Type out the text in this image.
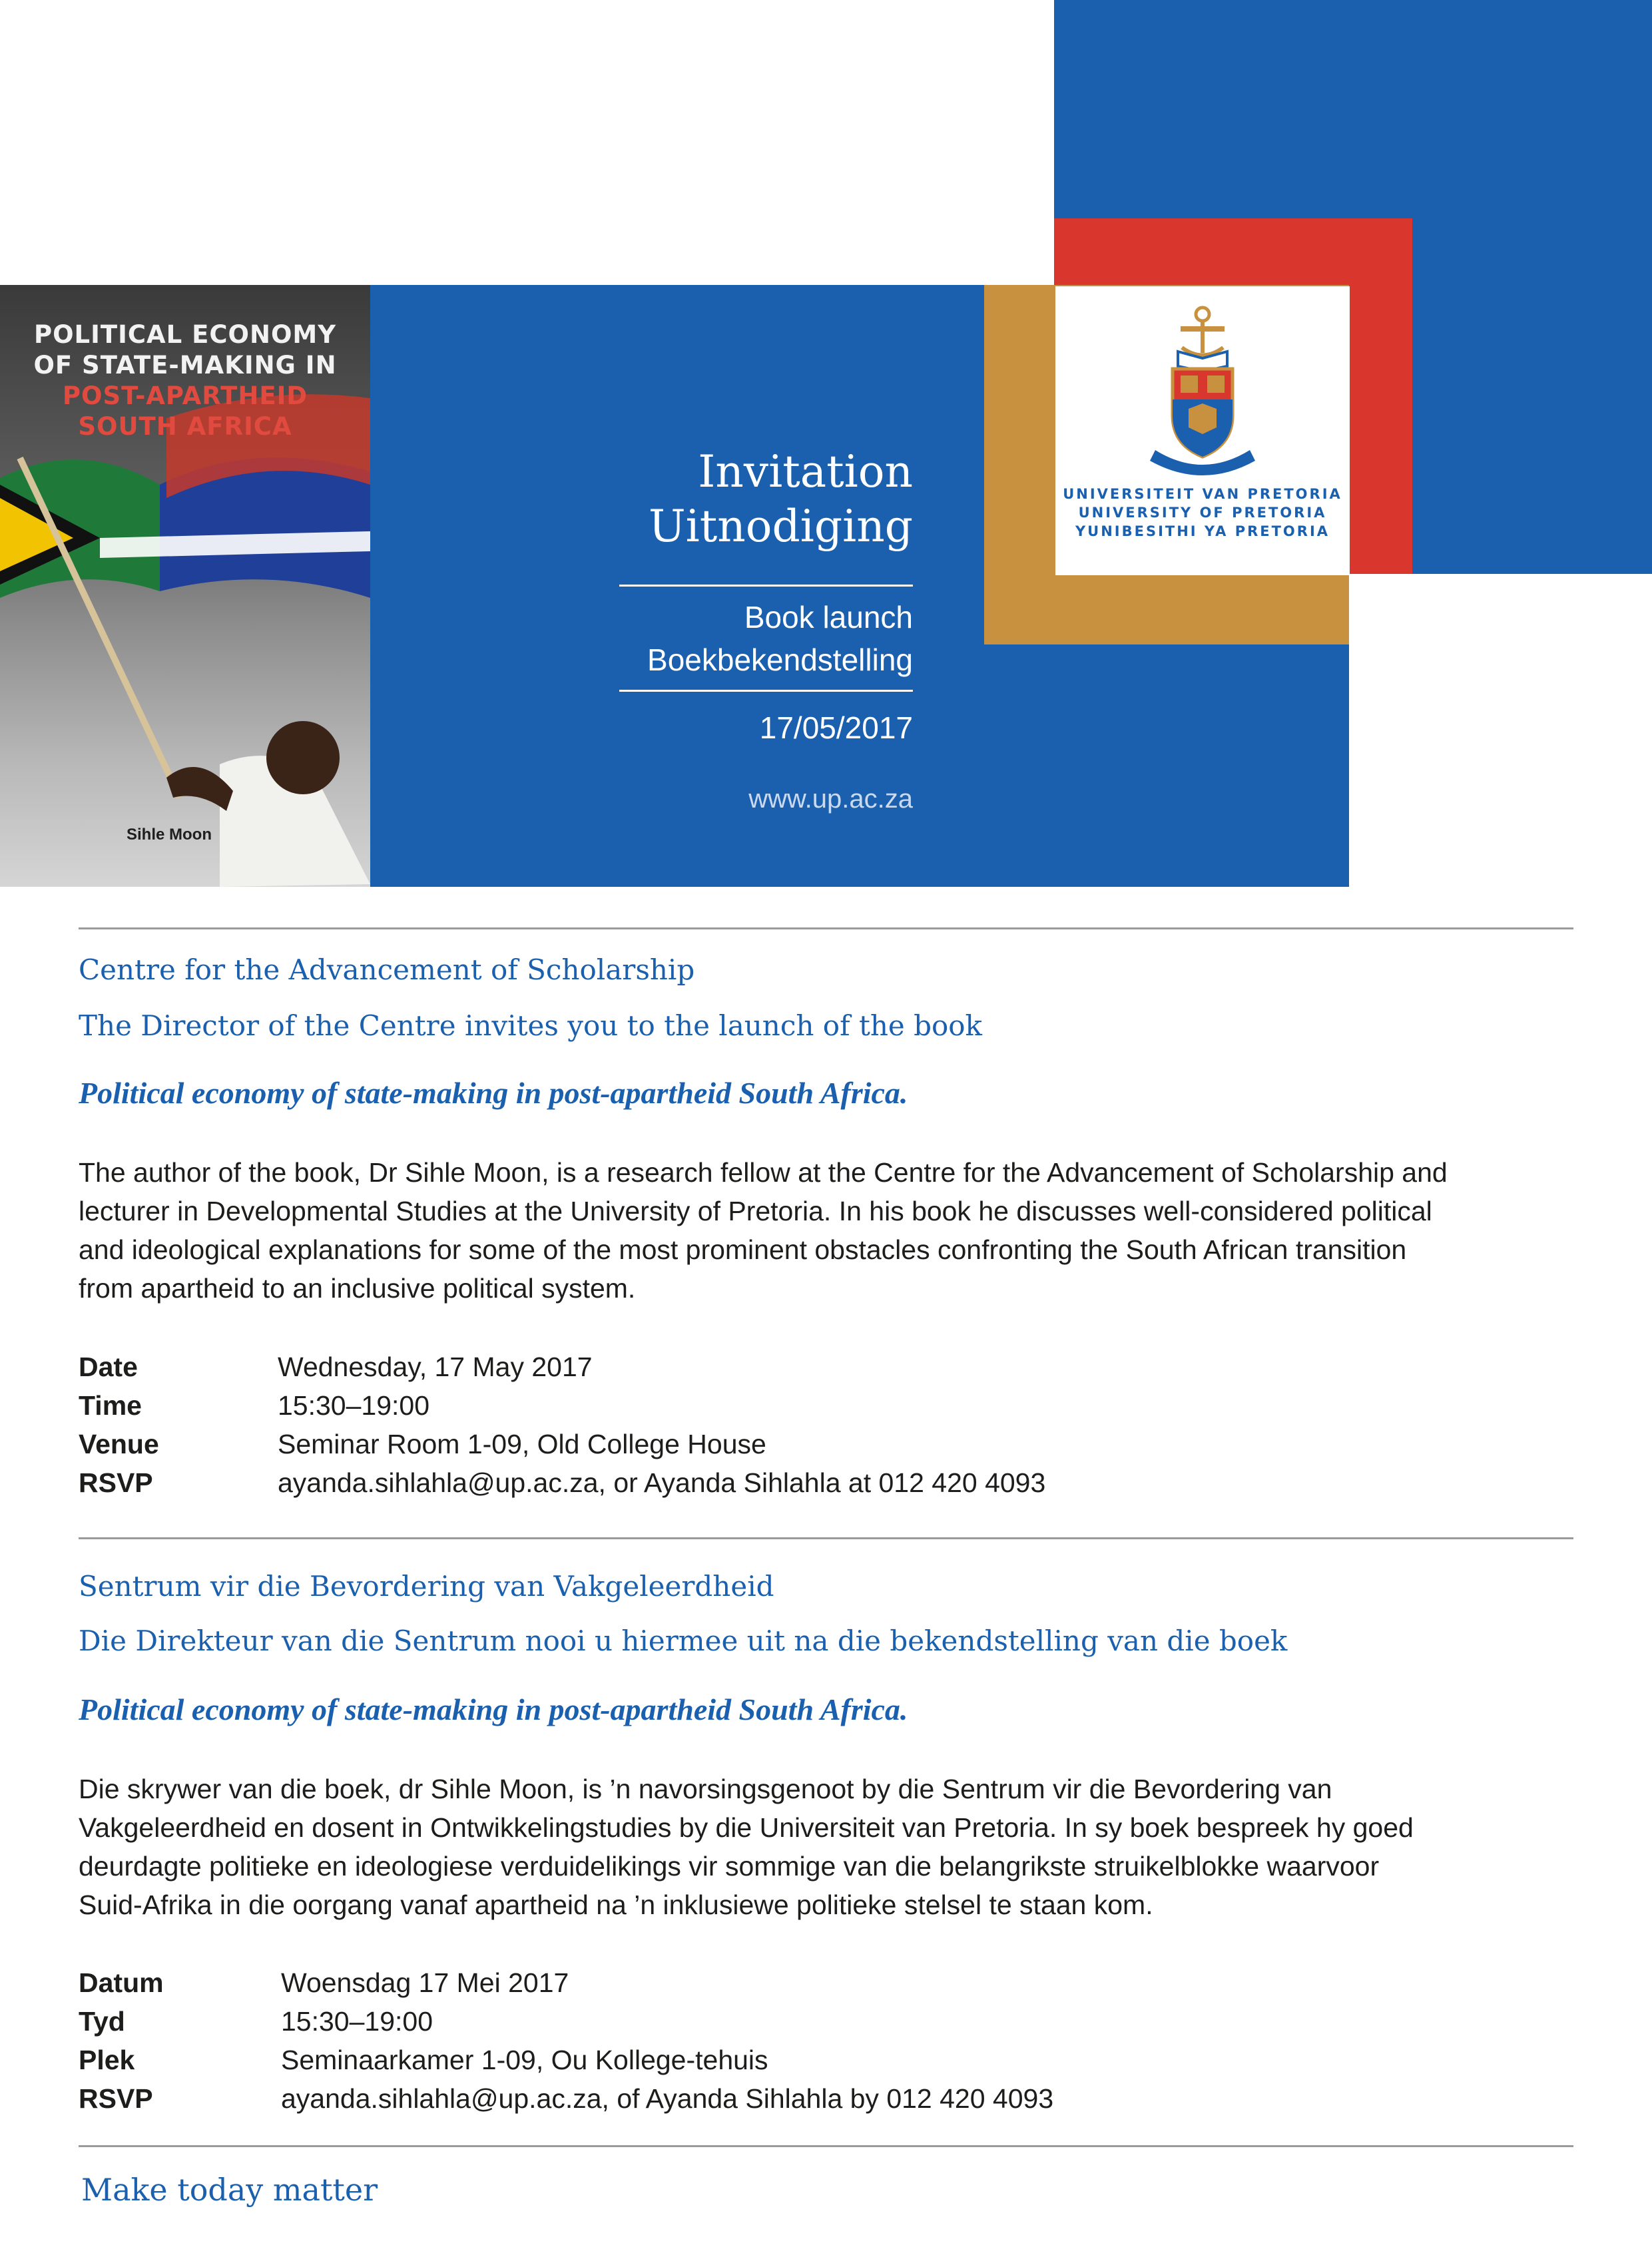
UNIVERSITEIT VAN PRETORIA
UNIVERSITY OF PRETORIA
YUNIBESITHI YA PRETORIA
POLITICAL ECONOMY
OF STATE-MAKING IN
POST-APARTHEID
SOUTH AFRICA
Sihle Moon
Invitation
Uitnodiging
Book launch
Boekbekendstelling
17/05/2017
www.up.ac.za
Centre for the Advancement of Scholarship
The Director of the Centre invites you to the launch of the book
Political economy of state-making in post-apartheid South Africa.
The author of the book, Dr Sihle Moon, is a research fellow at the Centre for the Advancement of Scholarship and
lecturer in Developmental Studies at the University of Pretoria. In his book he discusses well-considered political
and ideological explanations for some of the most prominent obstacles confronting the South African transition
from apartheid to an inclusive political system.
Date	Wednesday, 17 May 2017
Time	15:30–19:00
Venue	Seminar Room 1-09, Old College House
RSVP	ayanda.sihlahla@up.ac.za, or Ayanda Sihlahla at 012 420 4093
Sentrum vir die Bevordering van Vakgeleerdheid
Die Direkteur van die Sentrum nooi u hiermee uit na die bekendstelling van die boek
Political economy of state-making in post-apartheid South Africa.
Die skrywer van die boek, dr Sihle Moon, is ’n navorsingsgenoot by die Sentrum vir die Bevordering van
Vakgeleerdheid en dosent in Ontwikkelingstudies by die Universiteit van Pretoria. In sy boek bespreek hy goed
deurdagte politieke en ideologiese verduidelikings vir sommige van die belangrikste struikelblokke waarvoor
Suid-Afrika in die oorgang vanaf apartheid na ’n inklusiewe politieke stelsel te staan kom.
Datum	Woensdag 17 Mei 2017
Tyd	15:30–19:00
Plek	Seminaarkamer 1-09, Ou Kollege-tehuis
RSVP	ayanda.sihlahla@up.ac.za, of Ayanda Sihlahla by 012 420 4093
Make today matter
